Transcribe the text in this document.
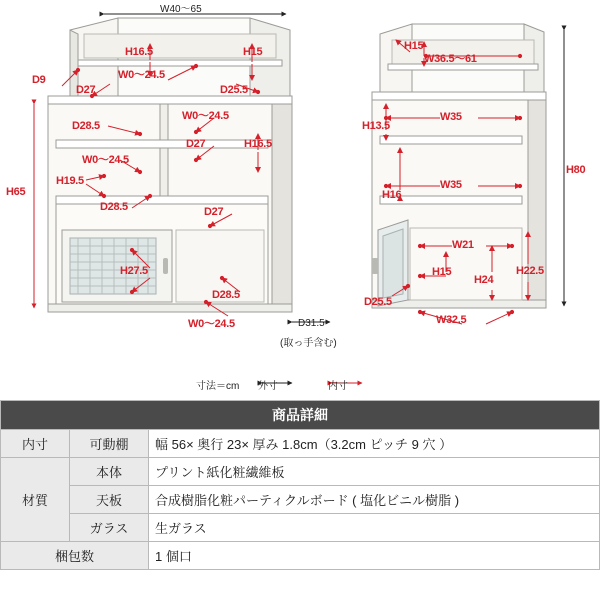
W40〜65
H16.5	H15
D9	W0〜24.5
D27	D25.5
D28.5
W0〜24.5
D27	H16.5
W0〜24.5
H19.5
D28.5	D27
H65
H27.5
D28.5
W0〜24.5	D31.5
(取っ手含む)
H15
W36.5〜61
W35
H13.5
W35
H16
W21
H15
H24
H22.5
D25.5
W32.5
H80
寸法＝cm 外寸	内寸
商品詳細		
内寸	可動棚	幅 56× 奥行 23× 厚み 1.8cm（3.2cm ピッチ 9 穴 ）
材質	本体	プリント紙化粧繊維板
	天板	合成樹脂化粧パーティクルボード ( 塩化ビニル樹脂 )
	ガラス	生ガラス
梱包数		1 個口
